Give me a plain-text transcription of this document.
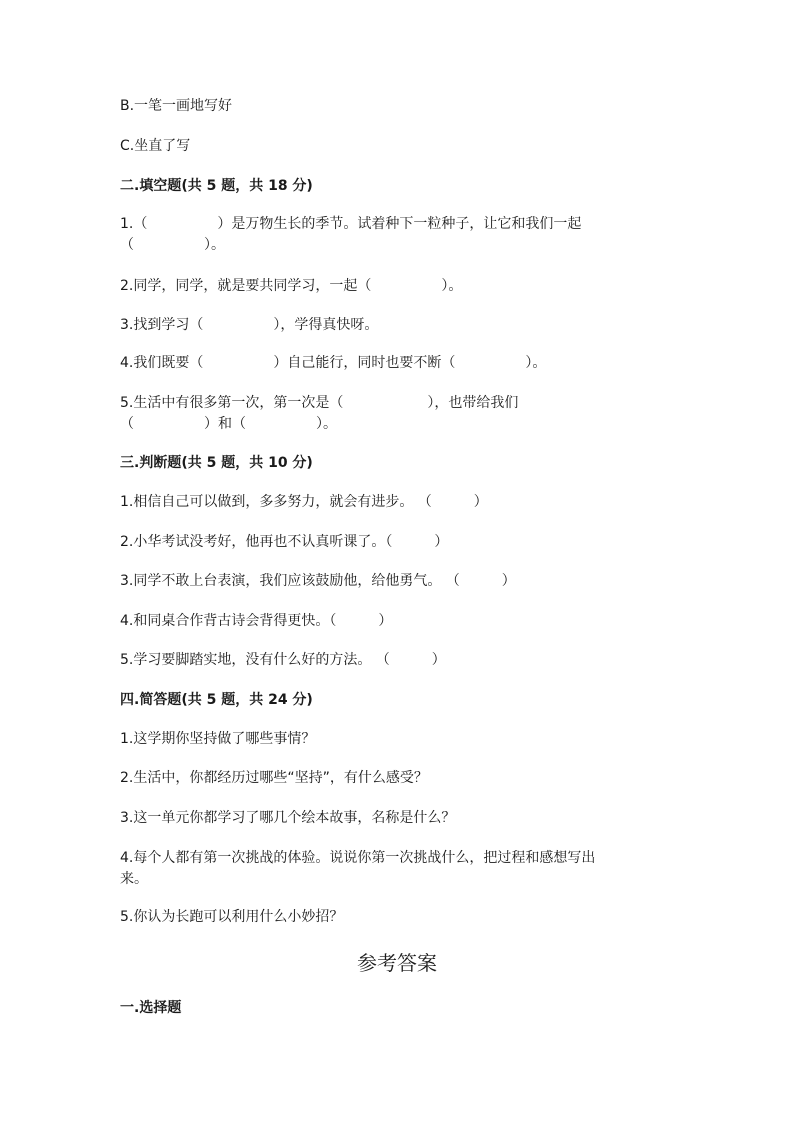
B.一笔一画地写好
C.坐直了写
二.填空题(共 5 题，共 18 分)
1.（　　　　　）是万物生长的季节。试着种下一粒种子，让它和我们一起
（　　　　　）。
2.同学，同学，就是要共同学习，一起（　　　　　）。
3.找到学习（　　　　　），学得真快呀。
4.我们既要（　　　　　）自己能行，同时也要不断（　　　　　）。
5.生活中有很多第一次，第一次是（　　　　　　），也带给我们
（　　　　　）和（　　　　　）。
三.判断题(共 5 题，共 10 分)
1.相信自己可以做到，多多努力，就会有进步。 （　　　）
2.小华考试没考好，他再也不认真听课了。（　　　）
3.同学不敢上台表演，我们应该鼓励他，给他勇气。 （　　　）
4.和同桌合作背古诗会背得更快。（　　　）
5.学习要脚踏实地，没有什么好的方法。 （　　　）
四.简答题(共 5 题，共 24 分)
1.这学期你坚持做了哪些事情？
2.生活中，你都经历过哪些“坚持”，有什么感受？
3.这一单元你都学习了哪几个绘本故事，名称是什么？
4.每个人都有第一次挑战的体验。说说你第一次挑战什么，把过程和感想写出
来。
5.你认为长跑可以利用什么小妙招？
参考答案
一.选择题
